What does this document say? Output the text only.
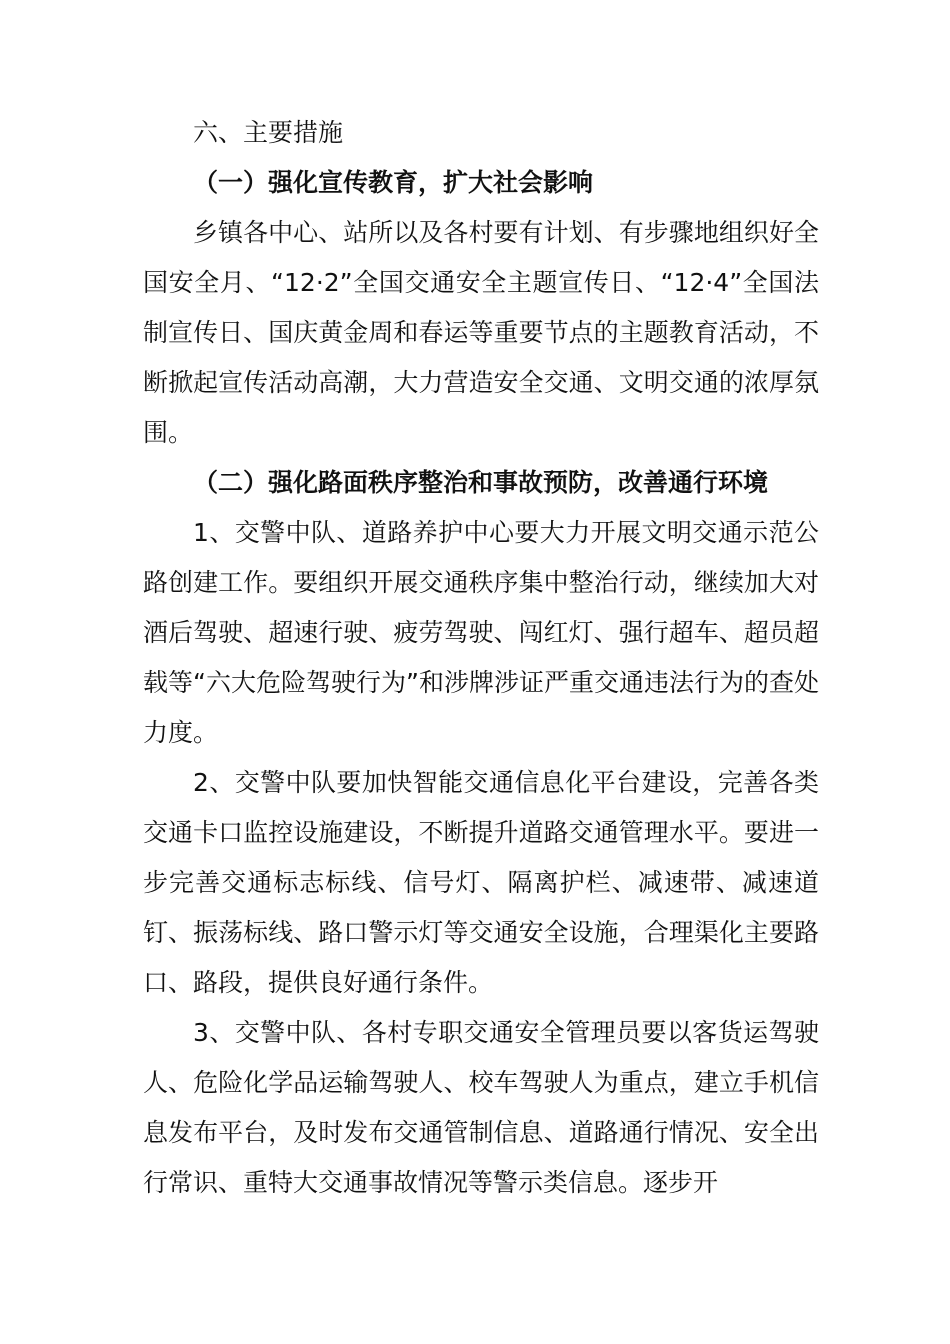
六、主要措施

（一）强化宣传教育，扩大社会影响

乡镇各中心、站所以及各村要有计划、有步骤地组织好全国安全月、“12·2”全国交通安全主题宣传日、“12·4”全国法制宣传日、国庆黄金周和春运等重要节点的主题教育活动，不断掀起宣传活动高潮，大力营造安全交通、文明交通的浓厚氛围。

（二）强化路面秩序整治和事故预防，改善通行环境

1、交警中队、道路养护中心要大力开展文明交通示范公路创建工作。要组织开展交通秩序集中整治行动，继续加大对酒后驾驶、超速行驶、疲劳驾驶、闯红灯、强行超车、超员超载等“六大危险驾驶行为”和涉牌涉证严重交通违法行为的查处力度。

2、交警中队要加快智能交通信息化平台建设，完善各类交通卡口监控设施建设，不断提升道路交通管理水平。要进一步完善交通标志标线、信号灯、隔离护栏、减速带、减速道钉、振荡标线、路口警示灯等交通安全设施，合理渠化主要路口、路段，提供良好通行条件。

3、交警中队、各村专职交通安全管理员要以客货运驾驶人、危险化学品运输驾驶人、校车驾驶人为重点，建立手机信息发布平台，及时发布交通管制信息、道路通行情况、安全出行常识、重特大交通事故情况等警示类信息。逐步开
